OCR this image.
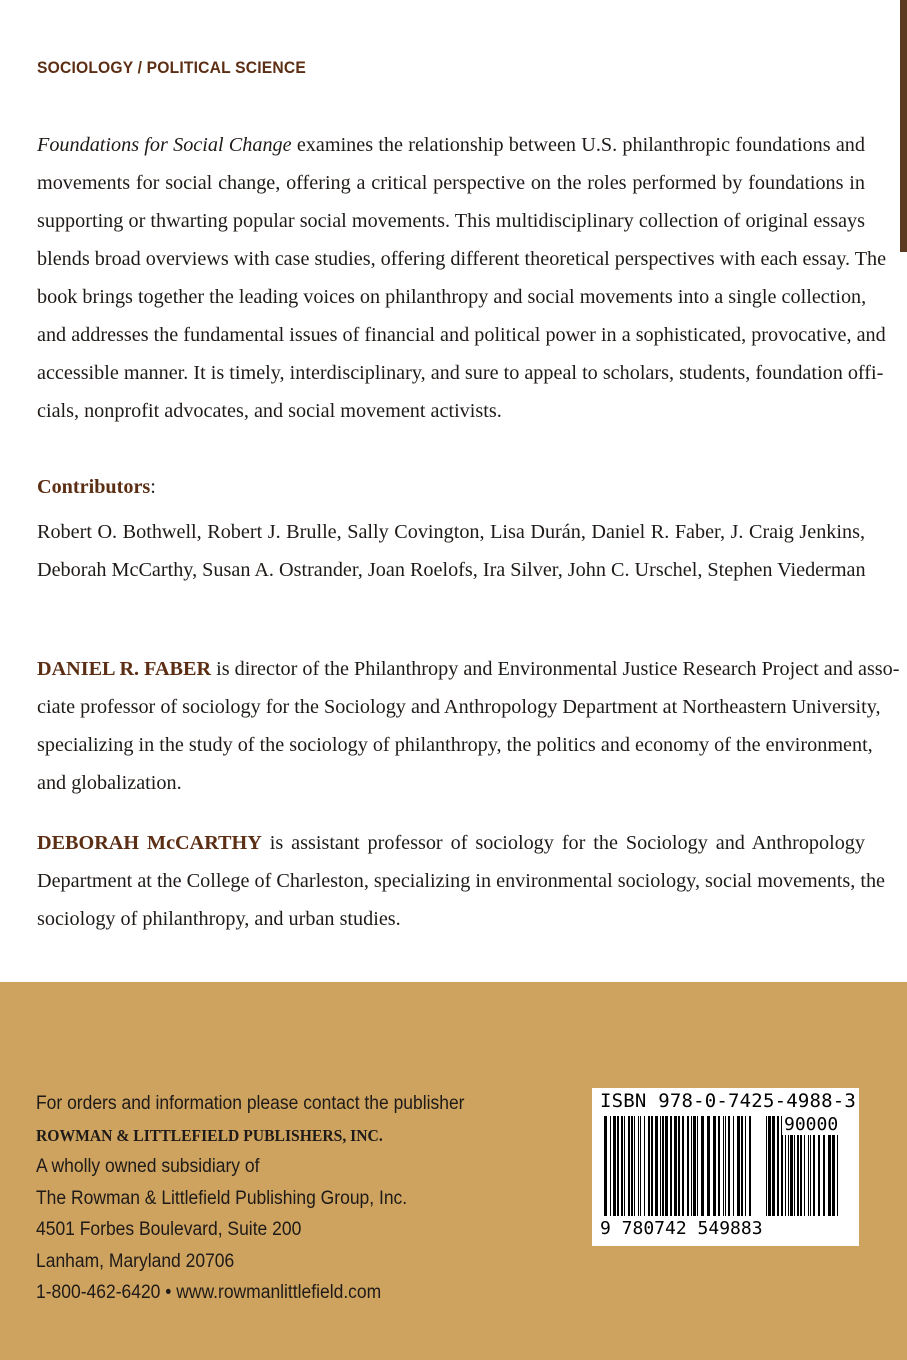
SOCIOLOGY / POLITICAL SCIENCE
Foundations for Social Change examines the relationship between U.S. philanthropic foundations and
movements for social change, offering a critical perspective on the roles performed by foundations in
supporting or thwarting popular social movements. This multidisciplinary collection of original essays
blends broad overviews with case studies, offering different theoretical perspectives with each essay. The
book brings together the leading voices on philanthropy and social movements into a single collection,
and addresses the fundamental issues of financial and political power in a sophisticated, provocative, and
accessible manner. It is timely, interdisciplinary, and sure to appeal to scholars, students, foundation offi-
cials, nonprofit advocates, and social movement activists.
Contributors:
Robert O. Bothwell, Robert J. Brulle, Sally Covington, Lisa Durán, Daniel R. Faber, J. Craig Jenkins,
Deborah McCarthy, Susan A. Ostrander, Joan Roelofs, Ira Silver, John C. Urschel, Stephen Viederman
DANIEL R. FABER is director of the Philanthropy and Environmental Justice Research Project and asso-
ciate professor of sociology for the Sociology and Anthropology Department at Northeastern University,
specializing in the study of the sociology of philanthropy, the politics and economy of the environment,
and globalization.
DEBORAH McCARTHY is assistant professor of sociology for the Sociology and Anthropology
Department at the College of Charleston, specializing in environmental sociology, social movements, the
sociology of philanthropy, and urban studies.
For orders and information please contact the publisher
ROWMAN & LITTLEFIELD PUBLISHERS, INC.
A wholly owned subsidiary of
The Rowman & Littlefield Publishing Group, Inc.
4501 Forbes Boulevard, Suite 200
Lanham, Maryland 20706
1-800-462-6420 • www.rowmanlittlefield.com
ISBN 978-0-7425-4988-3
90000
9 780742 549883
